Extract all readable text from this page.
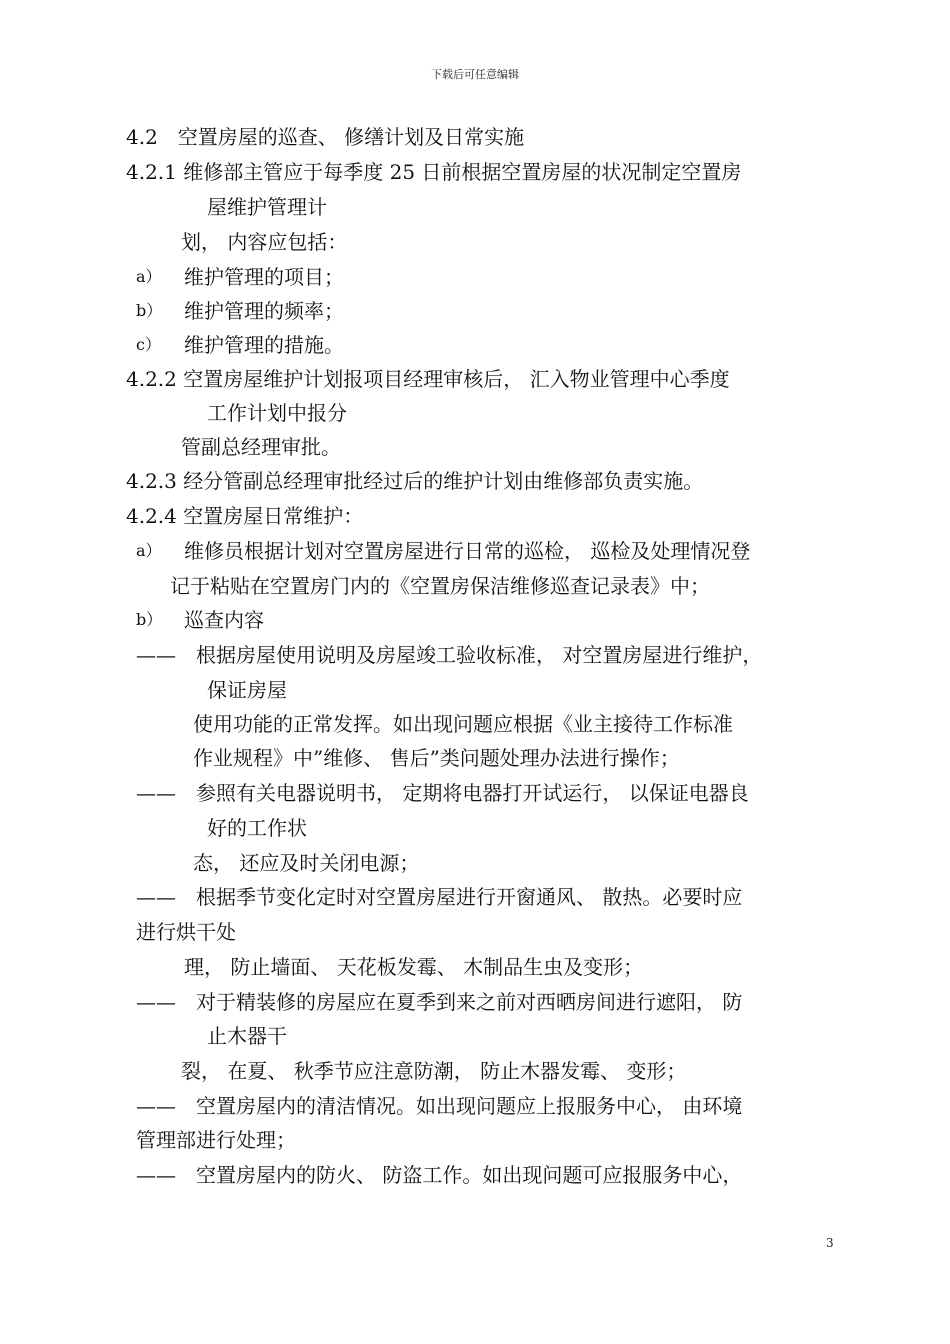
下载后可任意编辑
4.2　空置房屋的巡查、 修缮计划及日常实施
4.2.1 维修部主管应于每季度 25 日前根据空置房屋的状况制定空置房
屋维护管理计
划， 内容应包括：
a） 维护管理的项目；
b） 维护管理的频率；
c） 维护管理的措施。
4.2.2 空置房屋维护计划报项目经理审核后， 汇入物业管理中心季度
工作计划中报分
管副总经理审批。
4.2.3 经分管副总经理审批经过后的维护计划由维修部负责实施。
4.2.4 空置房屋日常维护：
a） 维修员根据计划对空置房屋进行日常的巡检， 巡检及处理情况登
记于粘贴在空置房门内的《空置房保洁维修巡查记录表》中；
b） 巡查内容
——　根据房屋使用说明及房屋竣工验收标准， 对空置房屋进行维护，
保证房屋
使用功能的正常发挥。如出现问题应根据《业主接待工作标准
作业规程》中”维修、 售后”类问题处理办法进行操作；
——　参照有关电器说明书， 定期将电器打开试运行， 以保证电器良
好的工作状
态， 还应及时关闭电源；
——　根据季节变化定时对空置房屋进行开窗通风、 散热。必要时应
进行烘干处
理， 防止墙面、 天花板发霉、 木制品生虫及变形；
——　对于精装修的房屋应在夏季到来之前对西晒房间进行遮阳， 防
止木器干
裂， 在夏、 秋季节应注意防潮， 防止木器发霉、 变形；
——　空置房屋内的清洁情况。如出现问题应上报服务中心， 由环境
管理部进行处理；
——　空置房屋内的防火、 防盗工作。如出现问题可应报服务中心，
3
